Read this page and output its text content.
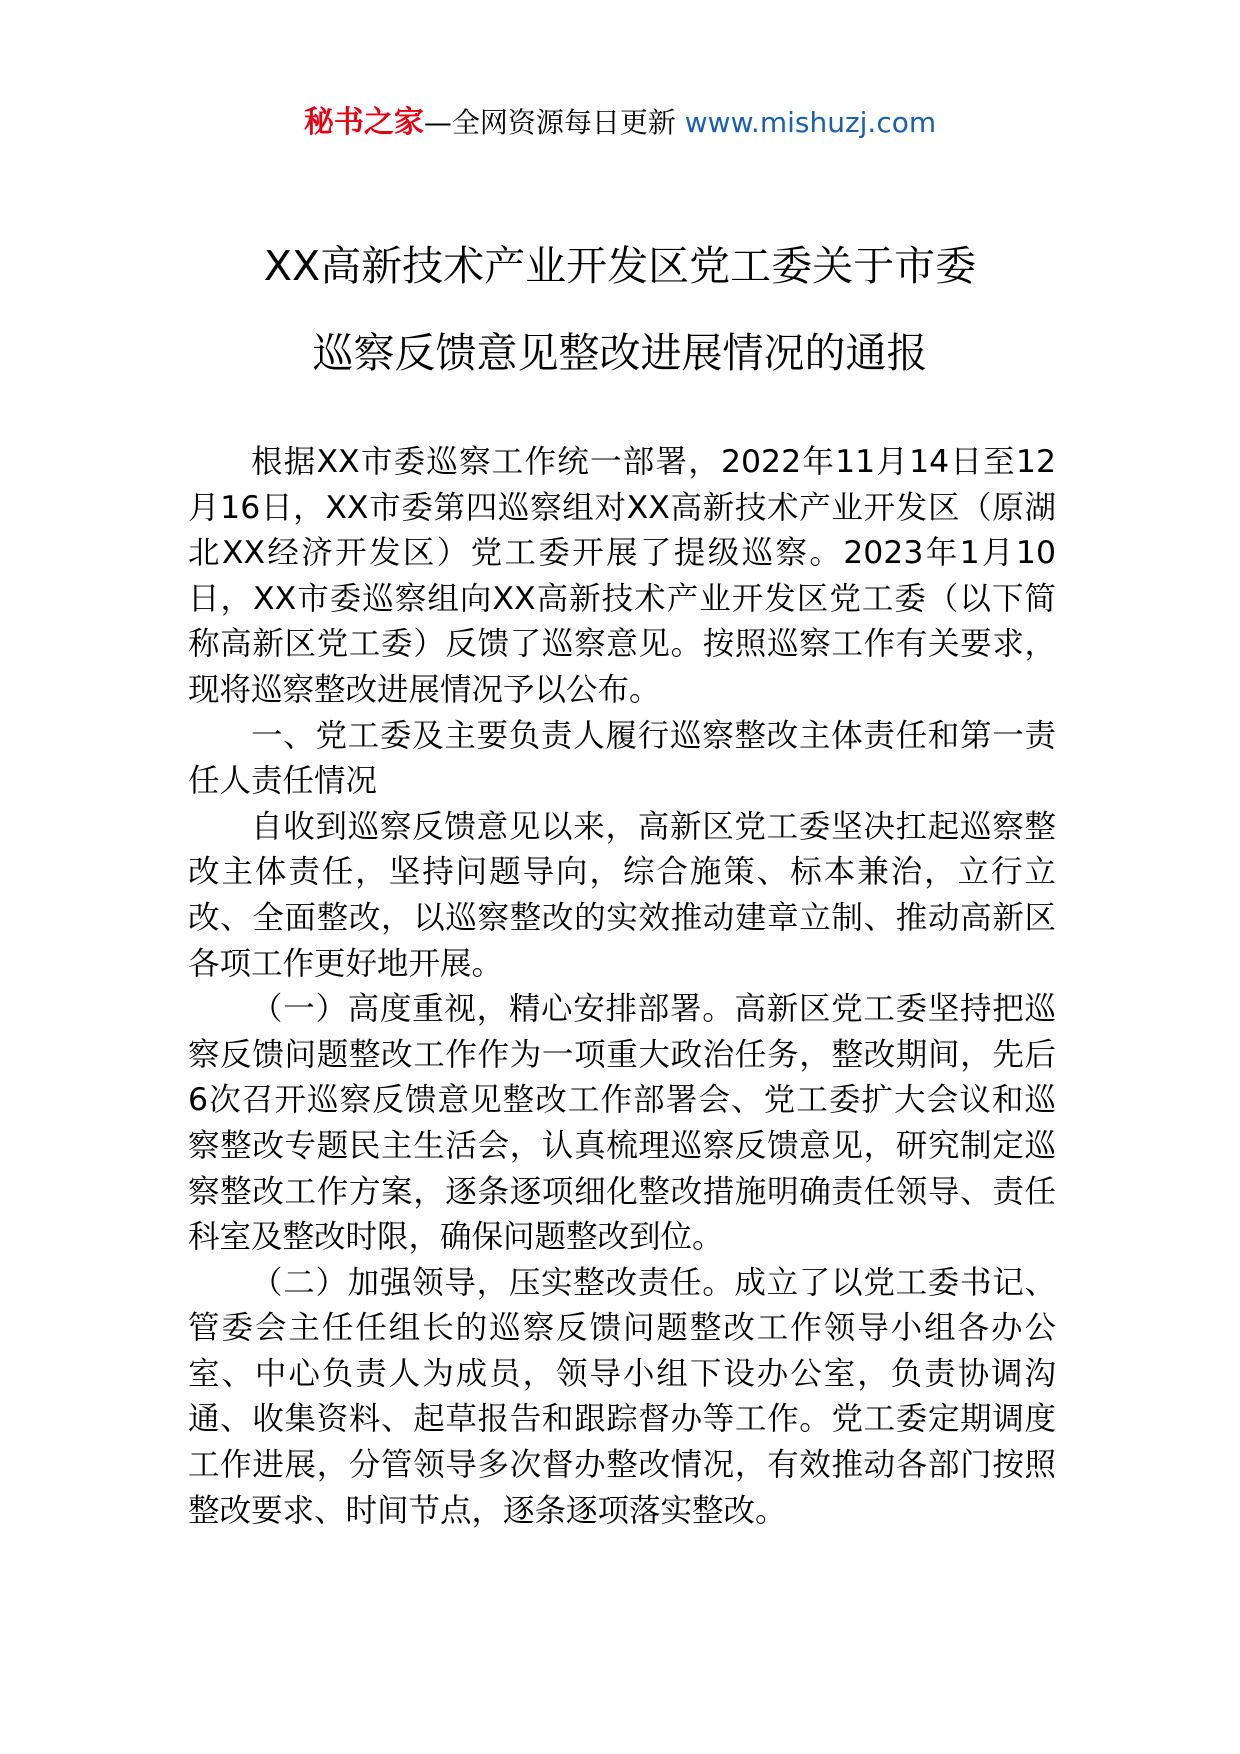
秘书之家—全网资源每日更新 www.mishuzj.com
XX高新技术产业开发区党工委关于市委
巡察反馈意见整改进展情况的通报

根据XX市委巡察工作统一部署，2022年11月14日至12月16日，XX市委第四巡察组对XX高新技术产业开发区（原湖北XX经济开发区）党工委开展了提级巡察。2023年1月10日，XX市委巡察组向XX高新技术产业开发区党工委（以下简称高新区党工委）反馈了巡察意见。按照巡察工作有关要求，现将巡察整改进展情况予以公布。

一、党工委及主要负责人履行巡察整改主体责任和第一责任人责任情况

自收到巡察反馈意见以来，高新区党工委坚决扛起巡察整改主体责任，坚持问题导向，综合施策、标本兼治，立行立改、全面整改，以巡察整改的实效推动建章立制、推动高新区各项工作更好地开展。

（一）高度重视，精心安排部署。高新区党工委坚持把巡察反馈问题整改工作作为一项重大政治任务，整改期间，先后6次召开巡察反馈意见整改工作部署会、党工委扩大会议和巡察整改专题民主生活会，认真梳理巡察反馈意见，研究制定巡察整改工作方案，逐条逐项细化整改措施明确责任领导、责任科室及整改时限，确保问题整改到位。

（二）加强领导，压实整改责任。成立了以党工委书记、管委会主任任组长的巡察反馈问题整改工作领导小组各办公室、中心负责人为成员，领导小组下设办公室，负责协调沟通、收集资料、起草报告和跟踪督办等工作。党工委定期调度工作进展，分管领导多次督办整改情况，有效推动各部门按照整改要求、时间节点，逐条逐项落实整改。
